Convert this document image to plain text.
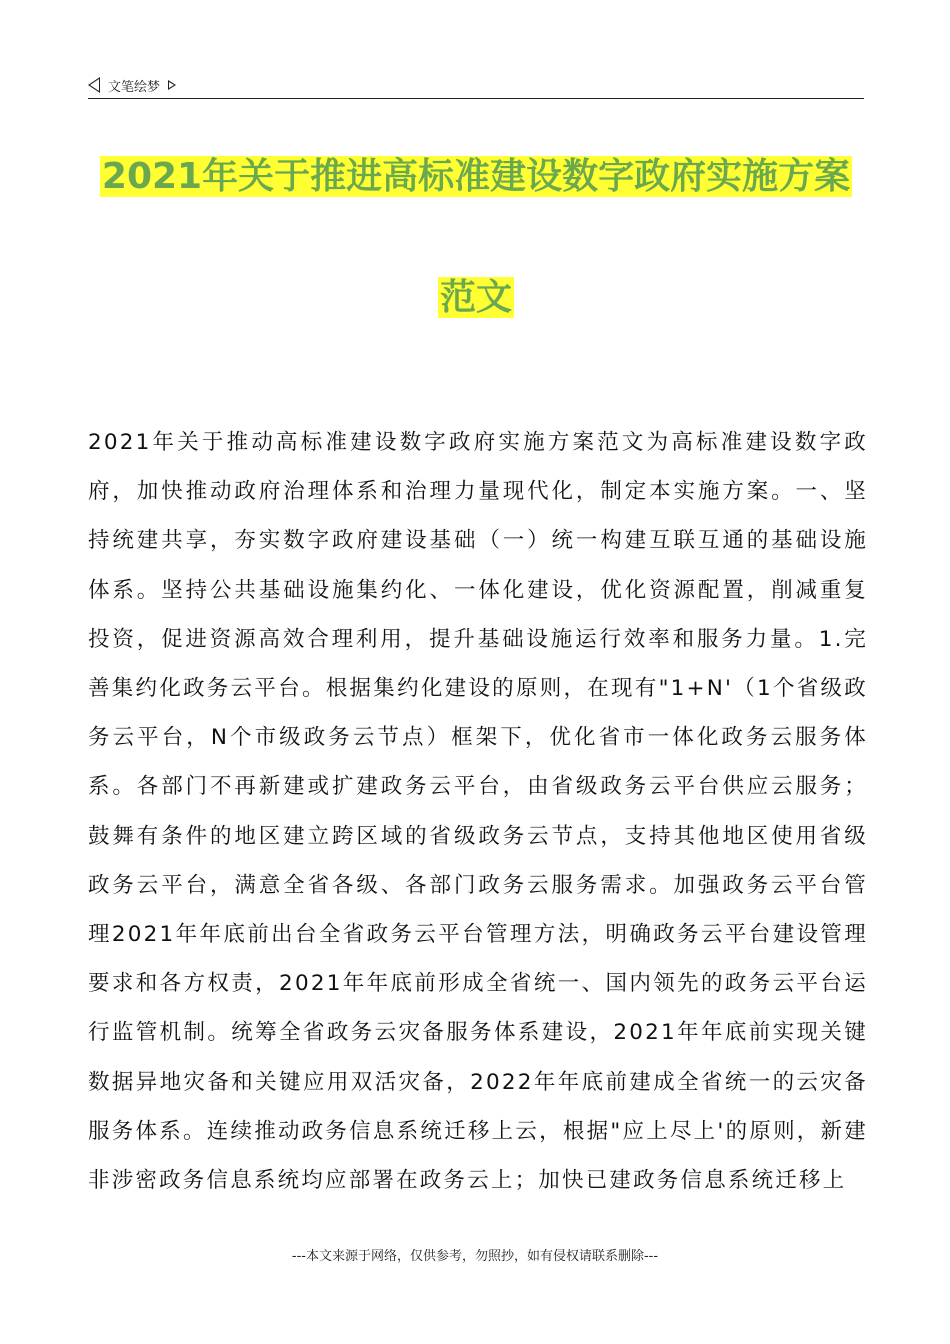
文笔绘梦
2021年关于推进高标准建设数字政府实施方案
范文
2021年关于推动高标准建设数字政府实施方案范文为高标准建设数字政府，加快推动政府治理体系和治理力量现代化，制定本实施方案。一、坚持统建共享，夯实数字政府建设基础（一）统一构建互联互通的基础设施体系。坚持公共基础设施集约化、一体化建设，优化资源配置，削减重复投资，促进资源高效合理利用，提升基础设施运行效率和服务力量。1.完善集约化政务云平台。根据集约化建设的原则，在现有"1+N'（1个省级政务云平台，N个市级政务云节点）框架下，优化省市一体化政务云服务体系。各部门不再新建或扩建政务云平台，由省级政务云平台供应云服务；鼓舞有条件的地区建立跨区域的省级政务云节点，支持其他地区使用省级政务云平台，满意全省各级、各部门政务云服务需求。加强政务云平台管理2021年年底前出台全省政务云平台管理方法，明确政务云平台建设管理要求和各方权责，2021年年底前形成全省统一、国内领先的政务云平台运行监管机制。统筹全省政务云灾备服务体系建设，2021年年底前实现关键数据异地灾备和关键应用双活灾备，2022年年底前建成全省统一的云灾备服务体系。连续推动政务信息系统迁移上云，根据"应上尽上'的原则，新建非涉密政务信息系统均应部署在政务云上；加快已建政务信息系统迁移上
---本文来源于网络，仅供参考，勿照抄，如有侵权请联系删除---
